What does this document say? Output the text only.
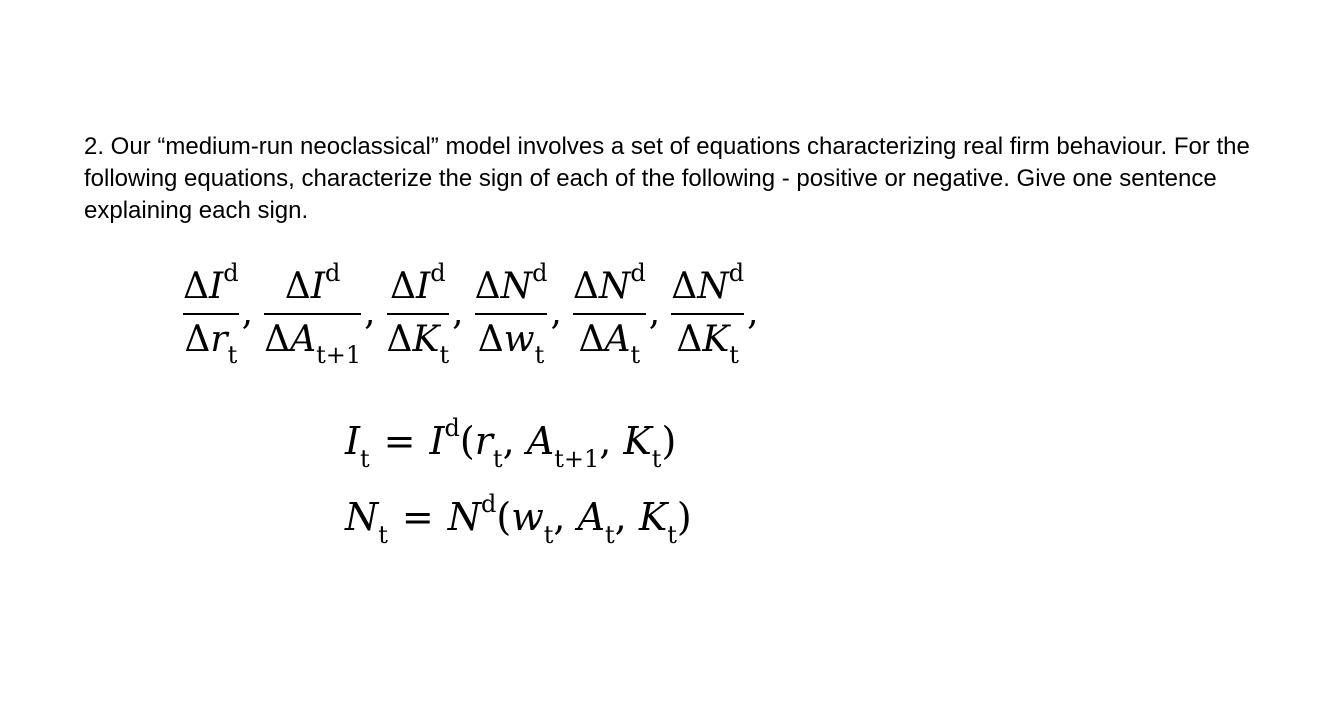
2. Our “medium-run neoclassical” model involves a set of equations characterizing real firm behaviour. For the following equations, characterize the sign of each of the following - positive or negative. Give one sentence explaining each sign.

$\frac{\Delta I^d}{\Delta r_t}$ , $\frac{\Delta I^d}{\Delta A_{t+1}}$ , $\frac{\Delta I^d}{\Delta K_t}$ , $\frac{\Delta N^d}{\Delta w_t}$ , $\frac{\Delta N^d}{\Delta A_t}$ , $\frac{\Delta N^d}{\Delta K_t}$ ,
$I_t = I^d(r_t$, $A_{t+1}$, $K_t$)
$N_t = N^d(w_t$, $A_t$, $K_t$)
